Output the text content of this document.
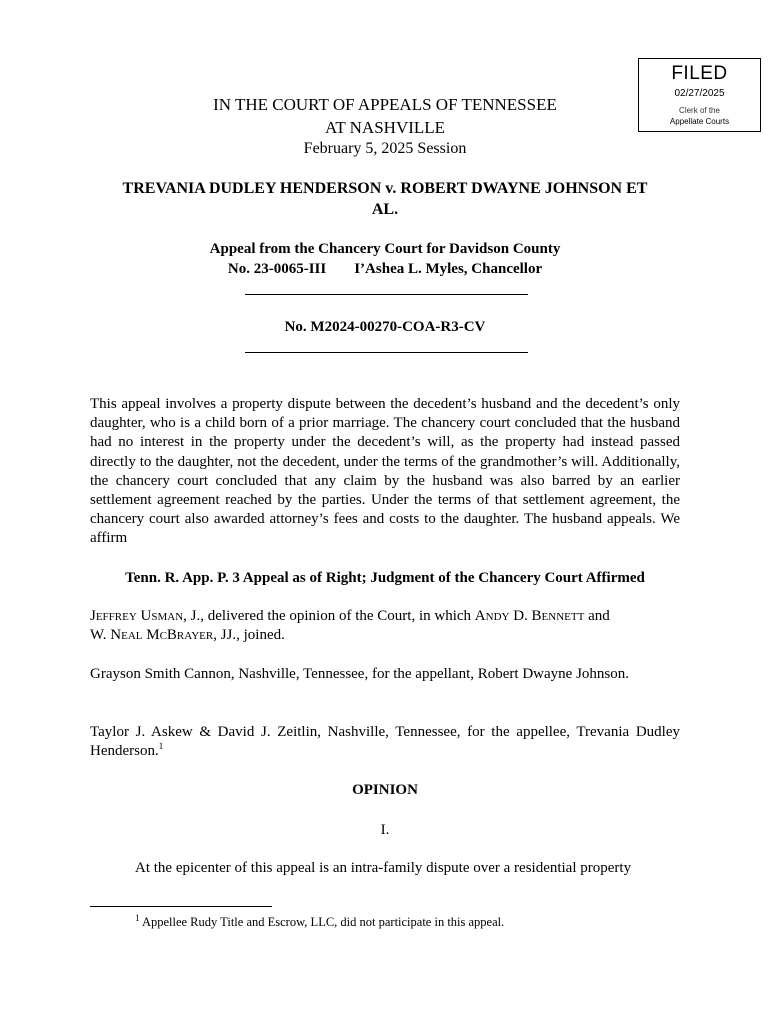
FILED
02/27/2025
Clerk of the
Appellate Courts
IN THE COURT OF APPEALS OF TENNESSEE
AT NASHVILLE
February 5, 2025 Session
TREVANIA DUDLEY HENDERSON v. ROBERT DWAYNE JOHNSON ET
AL.
Appeal from the Chancery Court for Davidson County
No. 23-0065-III I’Ashea L. Myles, Chancellor
No. M2024-00270-COA-R3-CV
This appeal involves a property dispute between the decedent’s husband and the decedent’s only daughter, who is a child born of a prior marriage. The chancery court concluded that the husband had no interest in the property under the decedent’s will, as the property had instead passed directly to the daughter, not the decedent, under the terms of the grandmother’s will. Additionally, the chancery court concluded that any claim by the husband was also barred by an earlier settlement agreement reached by the parties. Under the terms of that settlement agreement, the chancery court also awarded attorney’s fees and costs to the daughter. The husband appeals. We affirm
Tenn. R. App. P. 3 Appeal as of Right; Judgment of the Chancery Court Affirmed
Jeffrey Usman, J., delivered the opinion of the Court, in which Andy D. Bennett and
W. Neal McBrayer, JJ., joined.
Grayson Smith Cannon, Nashville, Tennessee, for the appellant, Robert Dwayne Johnson.
Taylor J. Askew & David J. Zeitlin, Nashville, Tennessee, for the appellee, Trevania Dudley Henderson.$^1$
OPINION
I.
At the epicenter of this appeal is an intra-family dispute over a residential property
$^1$ Appellee Rudy Title and Escrow, LLC, did not participate in this appeal.
